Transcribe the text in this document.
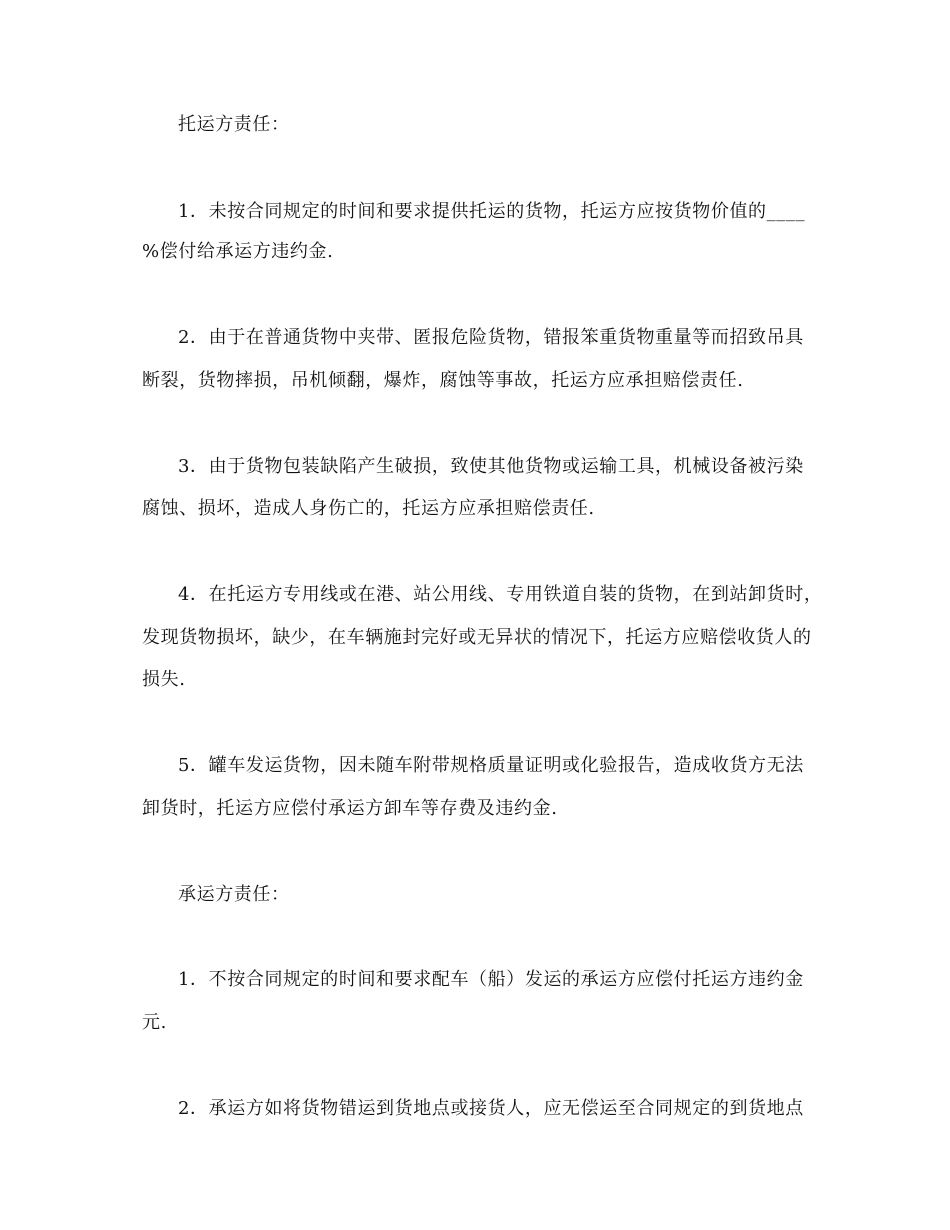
托运方责任：

1．未按合同规定的时间和要求提供托运的货物，托运方应按货物价值的____

%偿付给承运方违约金.

2．由于在普通货物中夹带、匿报危险货物，错报笨重货物重量等而招致吊具

断裂，货物摔损，吊机倾翻，爆炸，腐蚀等事故，托运方应承担赔偿责任.

3．由于货物包装缺陷产生破损，致使其他货物或运输工具，机械设备被污染

腐蚀、损坏，造成人身伤亡的，托运方应承担赔偿责任.

4．在托运方专用线或在港、站公用线、专用铁道自装的货物，在到站卸货时，

发现货物损坏，缺少，在车辆施封完好或无异状的情况下，托运方应赔偿收货人的

损失.

5．罐车发运货物，因未随车附带规格质量证明或化验报告，造成收货方无法

卸货时，托运方应偿付承运方卸车等存费及违约金.

承运方责任：

1．不按合同规定的时间和要求配车（船）发运的承运方应偿付托运方违约金

元.

2．承运方如将货物错运到货地点或接货人，应无偿运至合同规定的到货地点
